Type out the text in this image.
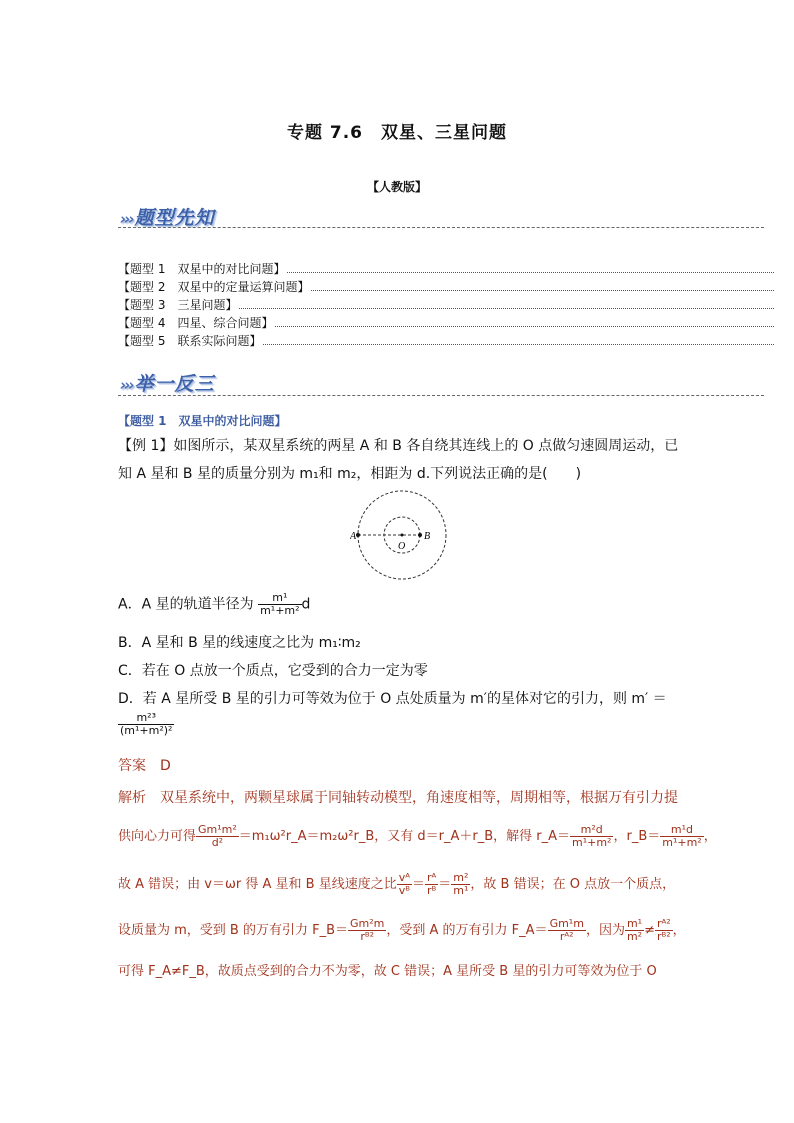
专题 7.6　双星、三星问题
【人教版】
››› 题型先知
【题型 1　双星中的对比问题】
【题型 2　双星中的定量运算问题】
【题型 3　三星问题】
【题型 4　四星、综合问题】
【题型 5　联系实际问题】
››› 举一反三
【题型 1　双星中的对比问题】
【例 1】如图所示，某双星系统的两星 A 和 B 各自绕其连线上的 O 点做匀速圆周运动，已
知 A 星和 B 星的质量分别为 m₁和 m₂，相距为 d.下列说法正确的是(　　)
A
O
B
A．A 星的轨道半径为 $\frac{\text{m¹}}{\text{m¹+m²}}$ d
B．A 星和 B 星的线速度之比为 m₁∶m₂
C．若在 O 点放一个质点，它受到的合力一定为零
D．若 A 星所受 B 星的引力可等效为位于 O 点处质量为 m′的星体对它的引力，则 m′ ＝
$\frac{\text{m²³}}{\text{(m¹+m²)²}}$
答案　D
解析　双星系统中，两颗星球属于同轴转动模型，角速度相等，周期相等，根据万有引力提
供向心力可得 $\frac{\text{Gm¹m²}}{\text{d²}}$ ＝m₁ω²r_A＝m₂ω²r_B，又有 d＝r_A＋r_B，解得 r_A＝ $\frac{\text{m²d}}{\text{m¹+m²}}$ ，r_B＝ $\frac{\text{m¹d}}{\text{m¹+m²}}$ ，
故 A 错误；由 v＝ωr 得 A 星和 B 星线速度之比 $\frac{\text{vᴬ}}{\text{vᴮ}} = \frac{\text{rᴬ}}{\text{rᴮ}} = \frac{\text{m²}}{\text{m¹}}$ ，故 B 错误；在 O 点放一个质点，
设质量为 m，受到 B 的万有引力 F_B＝ $\frac{\text{Gm²m}}{\text{rᴮ²}}$ ，受到 A 的万有引力 F_A＝ $\frac{\text{Gm¹m}}{\text{rᴬ²}}$ ，因为 $\frac{\text{m¹}}{\text{m²}} \ne \frac{\text{rᴬ²}}{\text{rᴮ²}}$ ，
可得 F_A≠F_B，故质点受到的合力不为零，故 C 错误；A 星所受 B 星的引力可等效为位于 O
